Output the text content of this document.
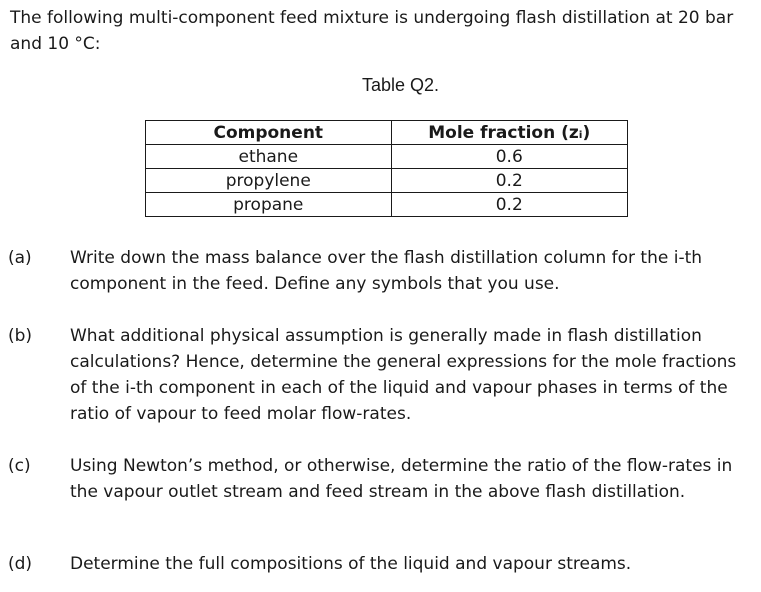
The following multi-component feed mixture is undergoing flash distillation at 20 bar and 10 °C:

Table Q2.
Component	Mole fraction (zᵢ)
ethane	0.6
propylene	0.2
propane	0.2
(a) Write down the mass balance over the flash distillation column for the i-th component in the feed. Define any symbols that you use.

(b) What additional physical assumption is generally made in flash distillation calculations? Hence, determine the general expressions for the mole fractions of the i-th component in each of the liquid and vapour phases in terms of the ratio of vapour to feed molar flow-rates.

(c) Using Newton’s method, or otherwise, determine the ratio of the flow-rates in the vapour outlet stream and feed stream in the above flash distillation.

(d) Determine the full compositions of the liquid and vapour streams.
